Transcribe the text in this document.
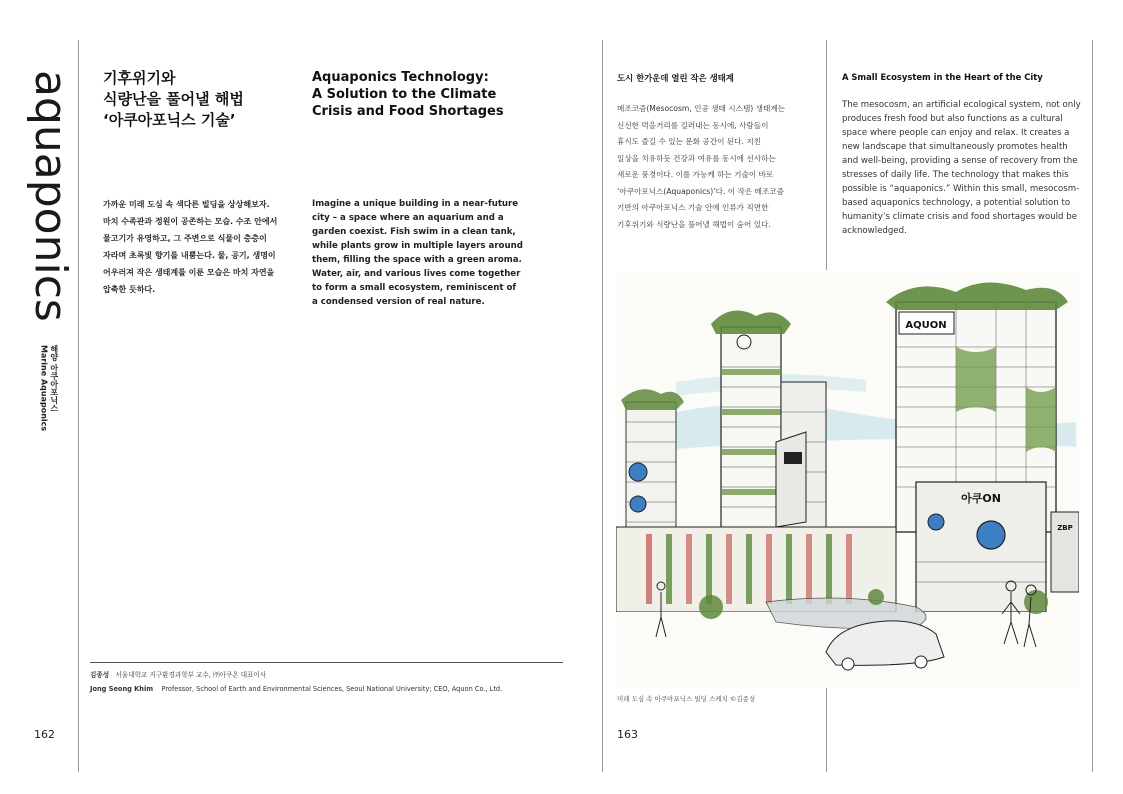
aquaponics
해양 아쿠아포닉스
Marine Aquaponics
기후위기와
식량난을 풀어낼 해법
‘아쿠아포닉스 기술’
Aquaponics Technology:
A Solution to the Climate
Crisis and Food Shortages
가까운 미래 도심 속 색다른 빌딩을 상상해보자.
마치 수족관과 정원이 공존하는 모습. 수조 안에서
물고기가 유영하고, 그 주변으로 식물이 층층이
자라며 초록빛 향기를 내뿜는다. 물, 공기, 생명이
어우러져 작은 생태계를 이룬 모습은 마치 자연을
압축한 듯하다.
Imagine a unique building in a near-future
city – a space where an aquarium and a
garden coexist. Fish swim in a clean tank,
while plants grow in multiple layers around
them, filling the space with a green aroma.
Water, air, and various lives come together
to form a small ecosystem, reminiscent of
a condensed version of real nature.
김종성 서울대학교 지구환경과학부 교수, ㈜아쿠온 대표이사
Jong Seong Khim Professor, School of Earth and Environmental Sciences, Seoul National University; CEO, Aquon Co., Ltd.
162
도시 한가운데 열린 작은 생태계	A Small Ecosystem in the Heart of the City
메조코즘(Mesocosm, 인공 생태 시스템) 생태계는
신선한 먹을거리를 길러내는 동시에, 사람들이
휴식도 즐길 수 있는 문화 공간이 된다. 지친
일상을 치유하듯 건강과 여유를 동시에 선사하는
새로운 풍경이다. 이를 가능케 하는 기술이 바로
‘아쿠아포닉스(Aquaponics)’다. 이 작은 메조코즘
기반의 아쿠아포닉스 기술 안에 인류가 직면한
기후위기와 식량난을 풀어낼 해법이 숨어 있다.
The mesocosm, an artificial ecological system, not only
produces fresh food but also functions as a cultural
space where people can enjoy and relax. It creates a
new landscape that simultaneously promotes health
and well-being, providing a sense of recovery from the
stresses of daily life. The technology that makes this
possible is “aquaponics.” Within this small, mesocosm-
based aquaponics technology, a potential solution to
humanity’s climate crisis and food shortages would be
acknowledged.
AQUON
아쿠ON
ZBP
미래 도심 속 아쿠아포닉스 빌딩 스케치 ©김종성
163
